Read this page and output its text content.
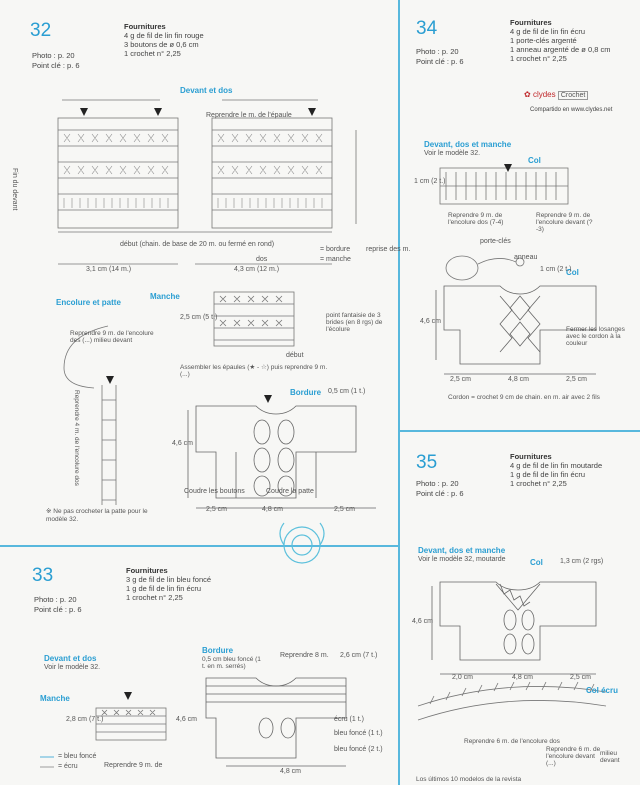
32
Photo : p. 20
Point clé : p. 6
Fournitures
4 g de fil de lin fin rouge
3 boutons de ø 0,6 cm
1 crochet n° 2,25
34
Photo : p. 20
Point clé : p. 6
Fournitures
4 g de fil de lin fin écru
1 porte-clés argenté
1 anneau argenté de ø 0,8 cm
1 crochet n° 2,25
✿ clydes Crochet
Compartido en www.clydes.net
35
Photo : p. 20
Point clé : p. 6
Fournitures
4 g de fil de lin fin moutarde
1 g de fil de lin fin écru
1 crochet n° 2,25
33
Photo : p. 20
Point clé : p. 6
Fournitures
3 g de fil de lin bleu foncé
1 g de fil de lin fin écru
1 crochet n° 2,25
Devant et dos
Reprendre le m. de l'épaule
Fin du devant
début (chain. de base de 20 m. ou fermé en rond)
= bordure
= manche
reprise des m.
dos
3,1 cm (14 m.)	4,3 cm (12 m.)
Encolure et patte
Reprendre 9 m. de l'encolure des (...) milieu devant
Reprendre 4 m. de l'encolure dos
Manche
2,5 cm (5 t.)	point fantaisie de 3 brides (en 8 rgs) de l'écolure
début
Assembler les épaules (★ - ☆) puis reprendre 9 m. (...)
Bordure 0,5 cm (1 t.)
4,6 cm
2,5 cm	4,8 cm	2,5 cm
Coudre les boutons	Coudre la patte
※ Ne pas crocheter la patte pour le modèle 32.
Devant, dos et manche
Voir le modèle 32.
Col
1 cm (2 t.)
Reprendre 9 m. de l'encolure dos (7-4)
Reprendre 9 m. de l'encolure devant (?-3)
porte-clés
anneau
Col
1 cm (2 t.)
4,6 cm
Fermer les losanges avec le cordon à la couleur
2,5 cm	4,8 cm	2,5 cm
Cordon = crochet 9 cm de chain. en m. air avec 2 fils
Devant, dos et manche
Voir le modèle 32, moutarde	Col 1,3 cm (2 rgs)
4,6 cm
2,0 cm	4,8 cm	2,5 cm
Col écru
Reprendre 6 m. de l'encolure dos
Reprendre 6 m. de l'encolure devant (...)
milieu devant
Los últimos 10 modelos de la revista
Devant et dos
Voir le modèle 32.
Manche
2,8 cm (7 t.)	4,6 cm
= bleu foncé
= écru	Reprendre 9 m. de
Bordure
0,5 cm bleu foncé (1 t. en m. serrés)
Reprendre 8 m. 2,6 cm (7 t.)
écru (1 t.)
bleu foncé (1 t.)
bleu foncé (2 t.)
4,8 cm
